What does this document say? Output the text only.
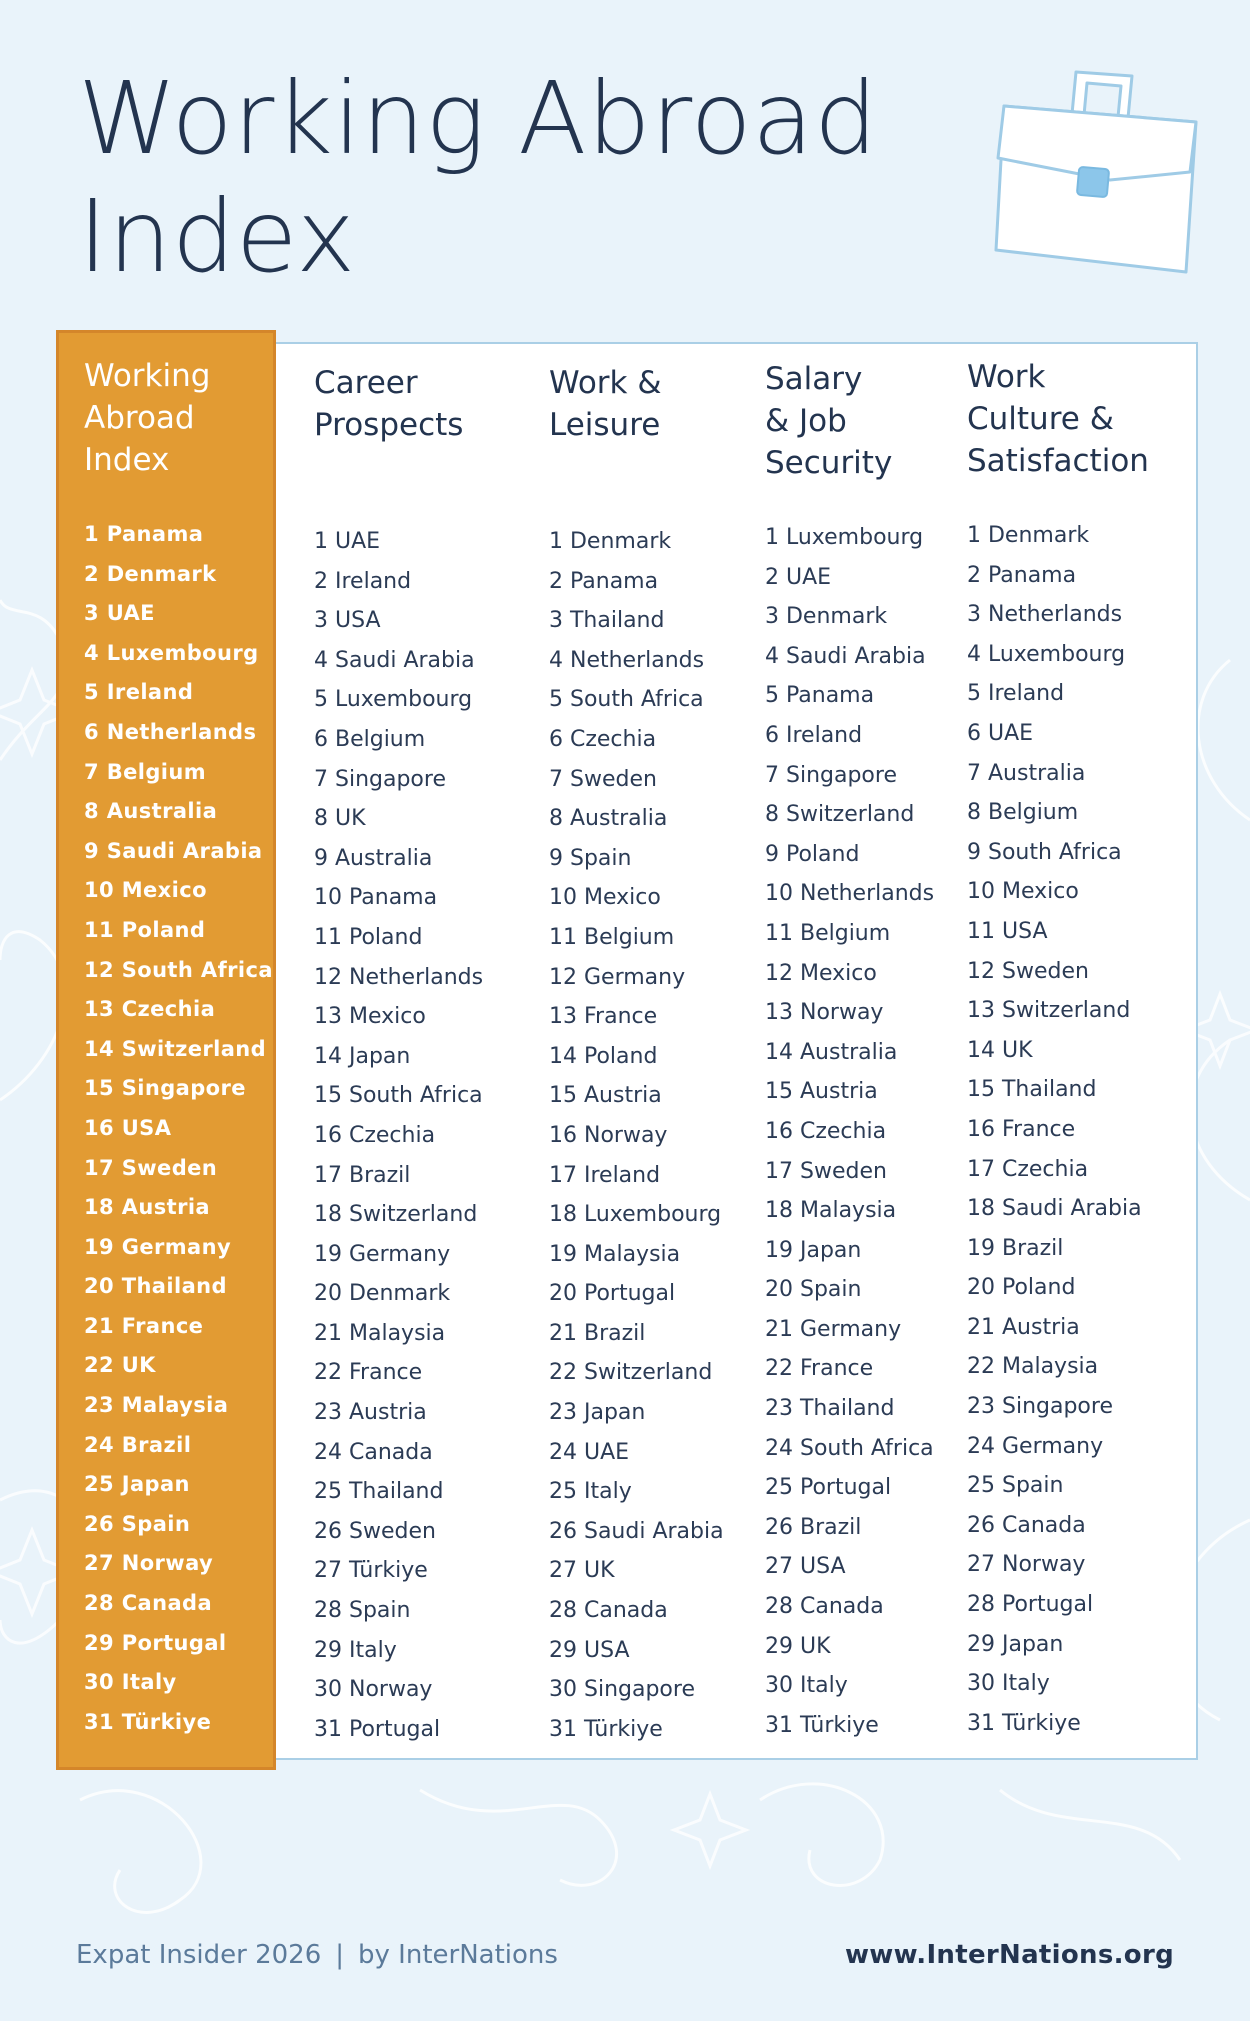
Working Abroad
Index
Working
Abroad
Index
1 Panama
2 Denmark
3 UAE
4 Luxembourg
5 Ireland
6 Netherlands
7 Belgium
8 Australia
9 Saudi Arabia
10 Mexico
11 Poland
12 South Africa
13 Czechia
14 Switzerland
15 Singapore
16 USA
17 Sweden
18 Austria
19 Germany
20 Thailand
21 France
22 UK
23 Malaysia
24 Brazil
25 Japan
26 Spain
27 Norway
28 Canada
29 Portugal
30 Italy
31 Türkiye
Career
Prospects
1 UAE
2 Ireland
3 USA
4 Saudi Arabia
5 Luxembourg
6 Belgium
7 Singapore
8 UK
9 Australia
10 Panama
11 Poland
12 Netherlands
13 Mexico
14 Japan
15 South Africa
16 Czechia
17 Brazil
18 Switzerland
19 Germany
20 Denmark
21 Malaysia
22 France
23 Austria
24 Canada
25 Thailand
26 Sweden
27 Türkiye
28 Spain
29 Italy
30 Norway
31 Portugal
Work &
Leisure
1 Denmark
2 Panama
3 Thailand
4 Netherlands
5 South Africa
6 Czechia
7 Sweden
8 Australia
9 Spain
10 Mexico
11 Belgium
12 Germany
13 France
14 Poland
15 Austria
16 Norway
17 Ireland
18 Luxembourg
19 Malaysia
20 Portugal
21 Brazil
22 Switzerland
23 Japan
24 UAE
25 Italy
26 Saudi Arabia
27 UK
28 Canada
29 USA
30 Singapore
31 Türkiye
Salary
& Job
Security
1 Luxembourg
2 UAE
3 Denmark
4 Saudi Arabia
5 Panama
6 Ireland
7 Singapore
8 Switzerland
9 Poland
10 Netherlands
11 Belgium
12 Mexico
13 Norway
14 Australia
15 Austria
16 Czechia
17 Sweden
18 Malaysia
19 Japan
20 Spain
21 Germany
22 France
23 Thailand
24 South Africa
25 Portugal
26 Brazil
27 USA
28 Canada
29 UK
30 Italy
31 Türkiye
Work
Culture &
Satisfaction
1 Denmark
2 Panama
3 Netherlands
4 Luxembourg
5 Ireland
6 UAE
7 Australia
8 Belgium
9 South Africa
10 Mexico
11 USA
12 Sweden
13 Switzerland
14 UK
15 Thailand
16 France
17 Czechia
18 Saudi Arabia
19 Brazil
20 Poland
21 Austria
22 Malaysia
23 Singapore
24 Germany
25 Spain
26 Canada
27 Norway
28 Portugal
29 Japan
30 Italy
31 Türkiye
Expat Insider 2026 | by InterNations	www.InterNations.org
